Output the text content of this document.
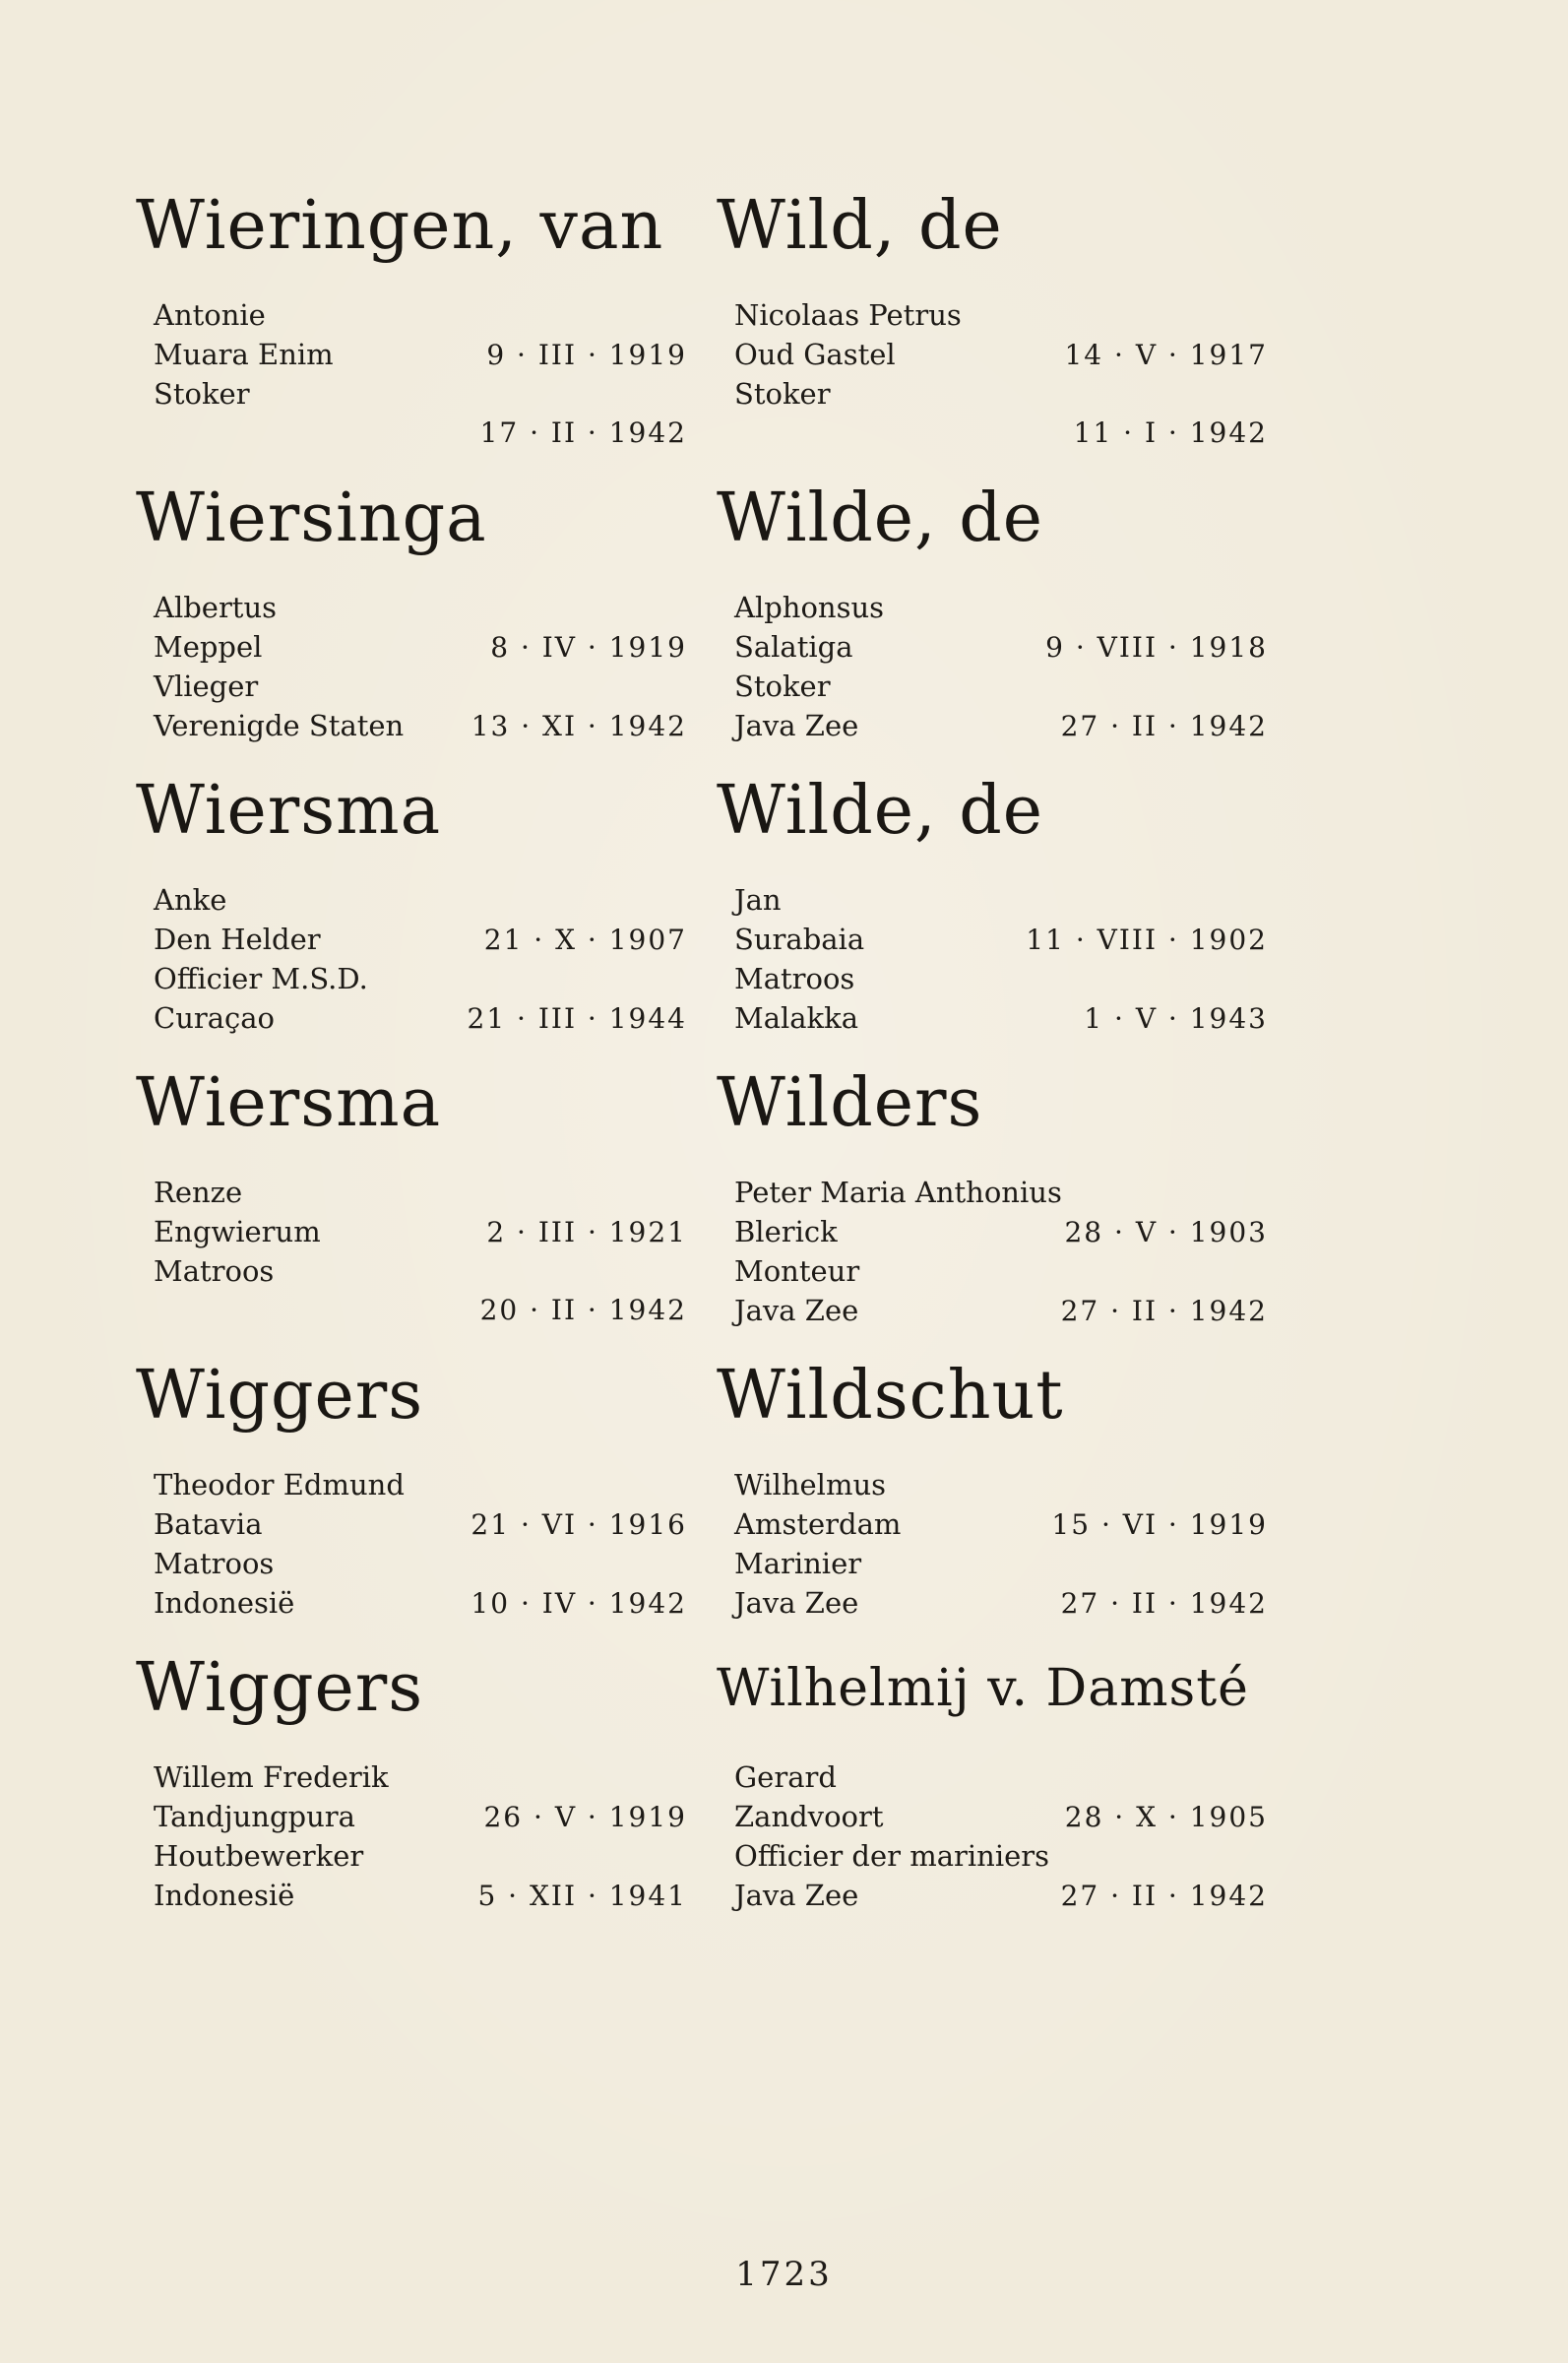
Wieringen, van
Antonie
Muara Enim	9 · III · 1919
Stoker
17 · II · 1942
Wiersinga
Albertus
Meppel	8 · IV · 1919
Vlieger
Verenigde Staten 13 · XI · 1942
Wiersma
Anke
Den Helder	21 · X · 1907
Officier M.S.D.
Curaçao	21 · III · 1944
Wiersma
Renze
Engwierum	2 · III · 1921
Matroos
20 · II · 1942
Wiggers
Theodor Edmund
Batavia	21 · VI · 1916
Matroos
Indonesië	10 · IV · 1942
Wiggers
Willem Frederik
Tandjungpura	26 · V · 1919
Houtbewerker
Indonesië	5 · XII · 1941
Wild, de
Nicolaas Petrus
Oud Gastel	14 · V · 1917
Stoker
11 · I · 1942
Wilde, de
Alphonsus
Salatiga	9 · VIII · 1918
Stoker
Java Zee	27 · II · 1942
Wilde, de
Jan
Surabaia	11 · VIII · 1902
Matroos
Malakka	1 · V · 1943
Wilders
Peter Maria Anthonius
Blerick	28 · V · 1903
Monteur
Java Zee	27 · II · 1942
Wildschut
Wilhelmus
Amsterdam	15 · VI · 1919
Marinier
Java Zee	27 · II · 1942
Wilhelmij v. Damsté
Gerard
Zandvoort	28 · X · 1905
Officier der mariniers
Java Zee	27 · II · 1942
1723
